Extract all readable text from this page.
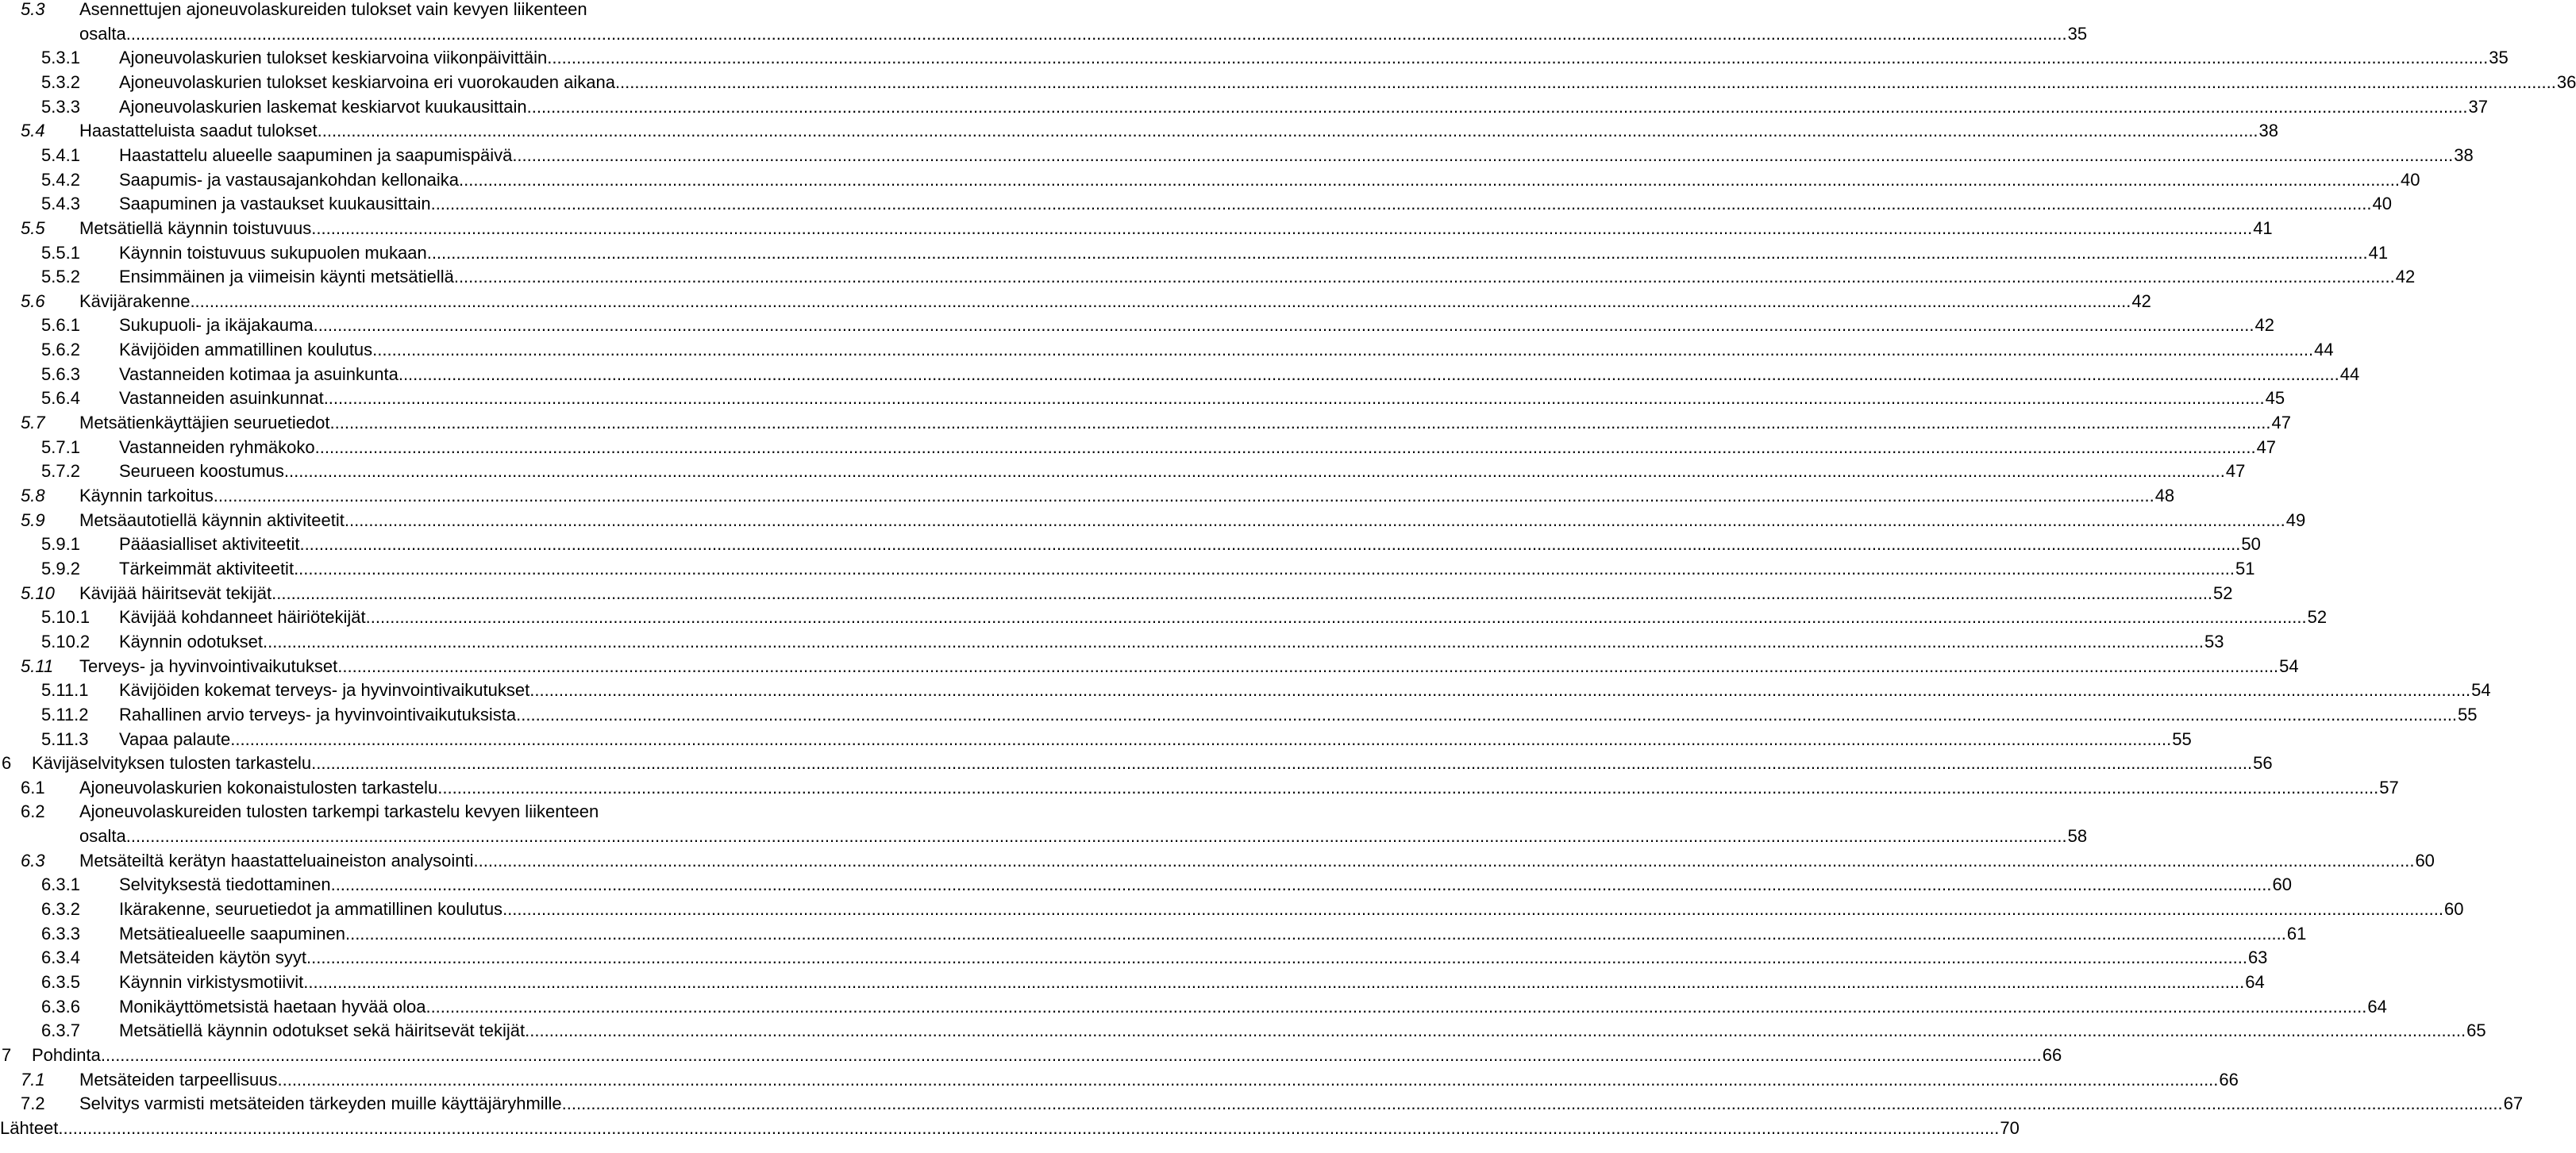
5.3 Asennettujen ajoneuvolaskureiden tulokset vain kevyen liikenteen
osalta ................................................................................................................................................................................................................................................................................................................................................................................................................ 35
5.3.1 Ajoneuvolaskurien tulokset keskiarvoina viikonpäivittäin ................................................................................................................................................................................................................................................................................................................................................................................................................ 35
5.3.2 Ajoneuvolaskurien tulokset keskiarvoina eri vuorokauden aikana ................................................................................................................................................................................................................................................................................................................................................................................................................ 36
5.3.3 Ajoneuvolaskurien laskemat keskiarvot kuukausittain ................................................................................................................................................................................................................................................................................................................................................................................................................ 37
5.4 Haastatteluista saadut tulokset ................................................................................................................................................................................................................................................................................................................................................................................................................ 38
5.4.1 Haastattelu alueelle saapuminen ja saapumispäivä ................................................................................................................................................................................................................................................................................................................................................................................................................ 38
5.4.2 Saapumis- ja vastausajankohdan kellonaika ................................................................................................................................................................................................................................................................................................................................................................................................................ 40
5.4.3 Saapuminen ja vastaukset kuukausittain ................................................................................................................................................................................................................................................................................................................................................................................................................ 40
5.5 Metsätiellä käynnin toistuvuus ................................................................................................................................................................................................................................................................................................................................................................................................................ 41
5.5.1 Käynnin toistuvuus sukupuolen mukaan ................................................................................................................................................................................................................................................................................................................................................................................................................ 41
5.5.2 Ensimmäinen ja viimeisin käynti metsätiellä ................................................................................................................................................................................................................................................................................................................................................................................................................ 42
5.6 Kävijärakenne ................................................................................................................................................................................................................................................................................................................................................................................................................ 42
5.6.1 Sukupuoli- ja ikäjakauma ................................................................................................................................................................................................................................................................................................................................................................................................................ 42
5.6.2 Kävijöiden ammatillinen koulutus ................................................................................................................................................................................................................................................................................................................................................................................................................ 44
5.6.3 Vastanneiden kotimaa ja asuinkunta ................................................................................................................................................................................................................................................................................................................................................................................................................ 44
5.6.4 Vastanneiden asuinkunnat ................................................................................................................................................................................................................................................................................................................................................................................................................ 45
5.7 Metsätienkäyttäjien seuruetiedot ................................................................................................................................................................................................................................................................................................................................................................................................................ 47
5.7.1 Vastanneiden ryhmäkoko ................................................................................................................................................................................................................................................................................................................................................................................................................ 47
5.7.2 Seurueen koostumus ................................................................................................................................................................................................................................................................................................................................................................................................................ 47
5.8 Käynnin tarkoitus ................................................................................................................................................................................................................................................................................................................................................................................................................ 48
5.9 Metsäautotiellä käynnin aktiviteetit ................................................................................................................................................................................................................................................................................................................................................................................................................ 49
5.9.1 Pääasialliset aktiviteetit ................................................................................................................................................................................................................................................................................................................................................................................................................ 50
5.9.2 Tärkeimmät aktiviteetit ................................................................................................................................................................................................................................................................................................................................................................................................................ 51
5.10 Kävijää häiritsevät tekijät ................................................................................................................................................................................................................................................................................................................................................................................................................ 52
5.10.1 Kävijää kohdanneet häiriötekijät ................................................................................................................................................................................................................................................................................................................................................................................................................ 52
5.10.2 Käynnin odotukset ................................................................................................................................................................................................................................................................................................................................................................................................................ 53
5.11 Terveys- ja hyvinvointivaikutukset ................................................................................................................................................................................................................................................................................................................................................................................................................ 54
5.11.1 Kävijöiden kokemat terveys- ja hyvinvointivaikutukset ................................................................................................................................................................................................................................................................................................................................................................................................................ 54
5.11.2 Rahallinen arvio terveys- ja hyvinvointivaikutuksista ................................................................................................................................................................................................................................................................................................................................................................................................................ 55
5.11.3 Vapaa palaute ................................................................................................................................................................................................................................................................................................................................................................................................................ 55
6 Kävijäselvityksen tulosten tarkastelu ................................................................................................................................................................................................................................................................................................................................................................................................................ 56
6.1 Ajoneuvolaskurien kokonaistulosten tarkastelu ................................................................................................................................................................................................................................................................................................................................................................................................................ 57
6.2 Ajoneuvolaskureiden tulosten tarkempi tarkastelu kevyen liikenteen
osalta ................................................................................................................................................................................................................................................................................................................................................................................................................ 58
6.3 Metsäteiltä kerätyn haastatteluaineiston analysointi ................................................................................................................................................................................................................................................................................................................................................................................................................ 60
6.3.1 Selvityksestä tiedottaminen ................................................................................................................................................................................................................................................................................................................................................................................................................ 60
6.3.2 Ikärakenne, seuruetiedot ja ammatillinen koulutus ................................................................................................................................................................................................................................................................................................................................................................................................................ 60
6.3.3 Metsätiealueelle saapuminen ................................................................................................................................................................................................................................................................................................................................................................................................................ 61
6.3.4 Metsäteiden käytön syyt ................................................................................................................................................................................................................................................................................................................................................................................................................ 63
6.3.5 Käynnin virkistysmotiivit ................................................................................................................................................................................................................................................................................................................................................................................................................ 64
6.3.6 Monikäyttömetsistä haetaan hyvää oloa ................................................................................................................................................................................................................................................................................................................................................................................................................ 64
6.3.7 Metsätiellä käynnin odotukset sekä häiritsevät tekijät ................................................................................................................................................................................................................................................................................................................................................................................................................ 65
7 Pohdinta ................................................................................................................................................................................................................................................................................................................................................................................................................ 66
7.1 Metsäteiden tarpeellisuus ................................................................................................................................................................................................................................................................................................................................................................................................................ 66
7.2 Selvitys varmisti metsäteiden tärkeyden muille käyttäjäryhmille ................................................................................................................................................................................................................................................................................................................................................................................................................ 67
Lähteet ................................................................................................................................................................................................................................................................................................................................................................................................................ 70
